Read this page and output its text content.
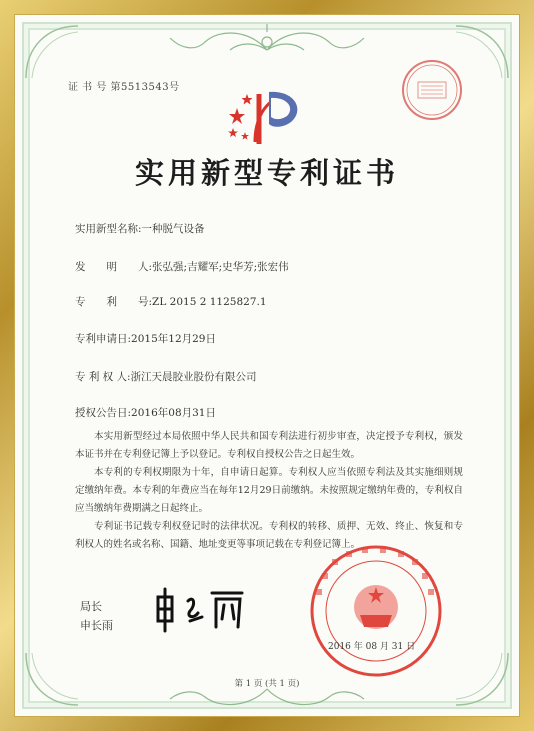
证 书 号 第5513543号
实用新型专利证书
实用新型名称:一种脱气设备
发　　明　　人:张弘强;吉耀军;史华芳;张宏伟
专　　利　　号:ZL 2015 2 1125827.1
专利申请日:2015年12月29日
专 利 权 人:浙江天晨胶业股份有限公司
授权公告日:2016年08月31日

本实用新型经过本局依照中华人民共和国专利法进行初步审查，决定授予专利权，颁发本证书并在专利登记簿上予以登记。专利权自授权公告之日起生效。

本专利的专利权期限为十年，自申请日起算。专利权人应当依照专利法及其实施细则规定缴纳年费。本专利的年费应当在每年12月29日前缴纳。未按照规定缴纳年费的，专利权自应当缴纳年费期满之日起终止。

专利证书记载专利权登记时的法律状况。专利权的转移、质押、无效、终止、恢复和专利权人的姓名或名称、国籍、地址变更等事项记载在专利登记簿上。

局长
申长雨
2016 年 08 月 31 日
第 1 页 (共 1 页)
